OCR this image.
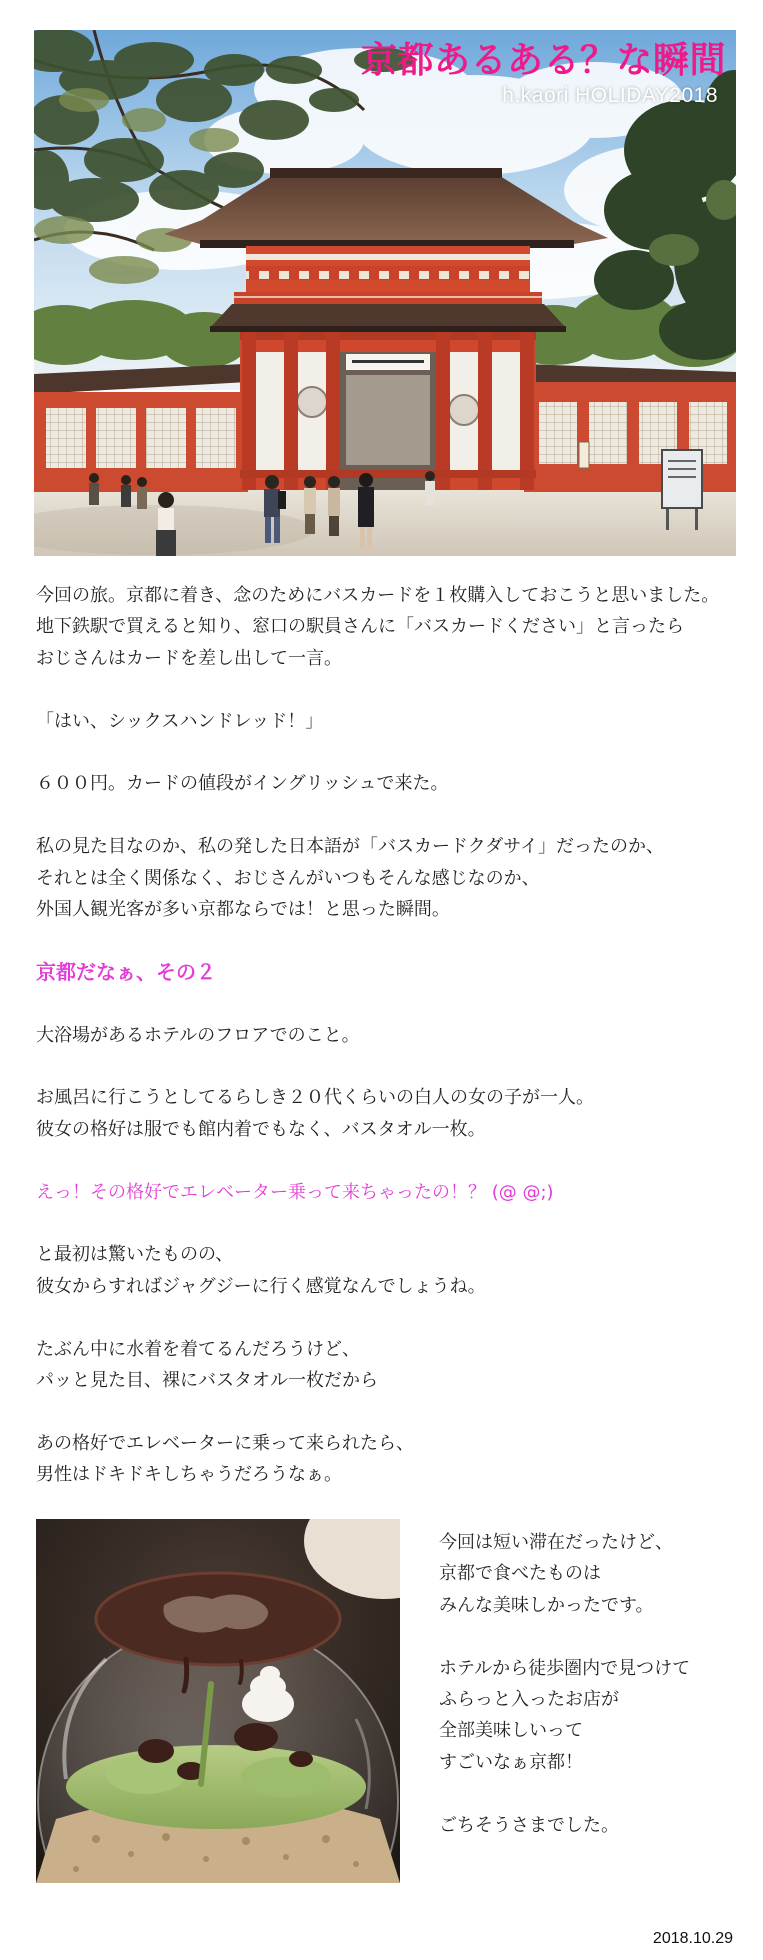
京都あるある？な瞬間
h.kaori HOLIDAY2018

今回の旅。京都に着き、念のためにバスカードを１枚購入しておこうと思いました。
地下鉄駅で買えると知り、窓口の駅員さんに「バスカードください」と言ったら
おじさんはカードを差し出して一言。

「はい、シックスハンドレッド！」

６００円。カードの値段がイングリッシュで来た。

私の見た目なのか、私の発した日本語が「バスカードクダサイ」だったのか、
それとは全く関係なく、おじさんがいつもそんな感じなのか、
外国人観光客が多い京都ならでは！と思った瞬間。

京都だなぁ、その２

大浴場があるホテルのフロアでのこと。

お風呂に行こうとしてるらしき２０代くらいの白人の女の子が一人。
彼女の格好は服でも館内着でもなく、バスタオル一枚。

えっ！その格好でエレベーター乗って来ちゃったの！？ (@ @;)

と最初は驚いたものの、
彼女からすればジャグジーに行く感覚なんでしょうね。

たぶん中に水着を着てるんだろうけど、
パッと見た目、裸にバスタオル一枚だから

あの格好でエレベーターに乗って来られたら、
男性はドキドキしちゃうだろうなぁ。

今回は短い滞在だったけど、
京都で食べたものは
みんな美味しかったです。

ホテルから徒歩圏内で見つけて
ふらっと入ったお店が
全部美味しいって
すごいなぁ京都！

ごちそうさまでした。

2018.10.29
